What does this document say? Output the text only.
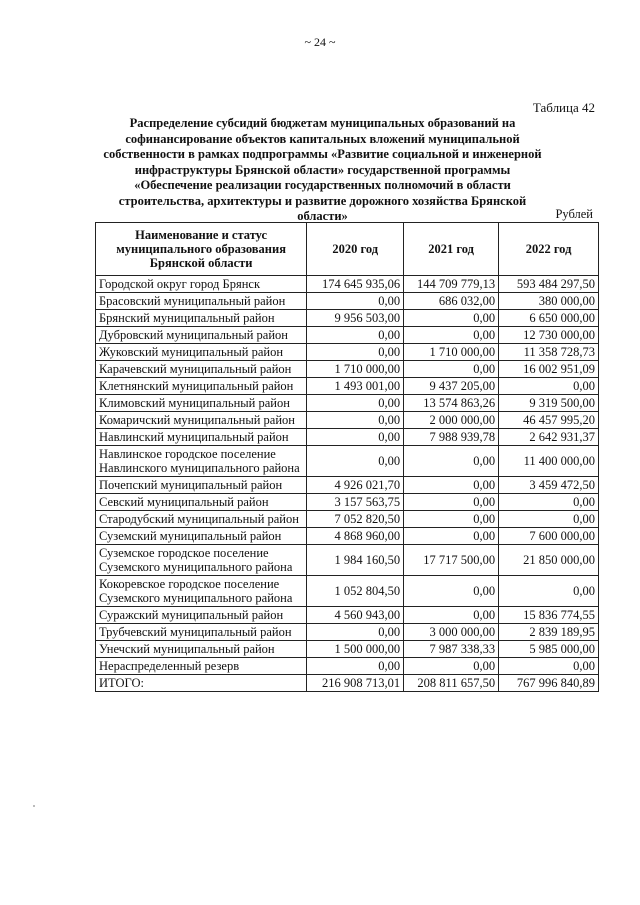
~ 24 ~
Таблица 42
Распределение субсидий бюджетам муниципальных образований на софинансирование объектов капитальных вложений муниципальной собственности в рамках подпрограммы «Развитие социальной и инженерной инфраструктуры Брянской области» государственной программы «Обеспечение реализации государственных полномочий в области строительства, архитектуры и развитие дорожного хозяйства Брянской области»	Рублей
Наименование и статус муниципального образования Брянской области	2020 год	2021 год	2022 год
Городской округ город Брянск	174 645 935,06	144 709 779,13	593 484 297,50
Брасовский муниципальный район	0,00	686 032,00	380 000,00
Брянский муниципальный район	9 956 503,00	0,00	6 650 000,00
Дубровский муниципальный район	0,00	0,00	12 730 000,00
Жуковский муниципальный район	0,00	1 710 000,00	11 358 728,73
Карачевский муниципальный район	1 710 000,00	0,00	16 002 951,09
Клетнянский муниципальный район	1 493 001,00	9 437 205,00	0,00
Климовский муниципальный район	0,00	13 574 863,26	9 319 500,00
Комаричский муниципальный район	0,00	2 000 000,00	46 457 995,20
Навлинский муниципальный район	0,00	7 988 939,78	2 642 931,37
Навлинское городское поселение Навлинского муниципального района	0,00	0,00	11 400 000,00
Почепский муниципальный район	4 926 021,70	0,00	3 459 472,50
Севский муниципальный район	3 157 563,75	0,00	0,00
Стародубский муниципальный район	7 052 820,50	0,00	0,00
Суземский муниципальный район	4 868 960,00	0,00	7 600 000,00
Суземское городское поселение Суземского муниципального района	1 984 160,50	17 717 500,00	21 850 000,00
Кокоревское городское поселение Суземского муниципального района	1 052 804,50	0,00	0,00
Суражский муниципальный район	4 560 943,00	0,00	15 836 774,55
Трубчевский муниципальный район	0,00	3 000 000,00	2 839 189,95
Унечский муниципальный район	1 500 000,00	7 987 338,33	5 985 000,00
Нераспределенный резерв	0,00	0,00	0,00
ИТОГО:	216 908 713,01	208 811 657,50	767 996 840,89
